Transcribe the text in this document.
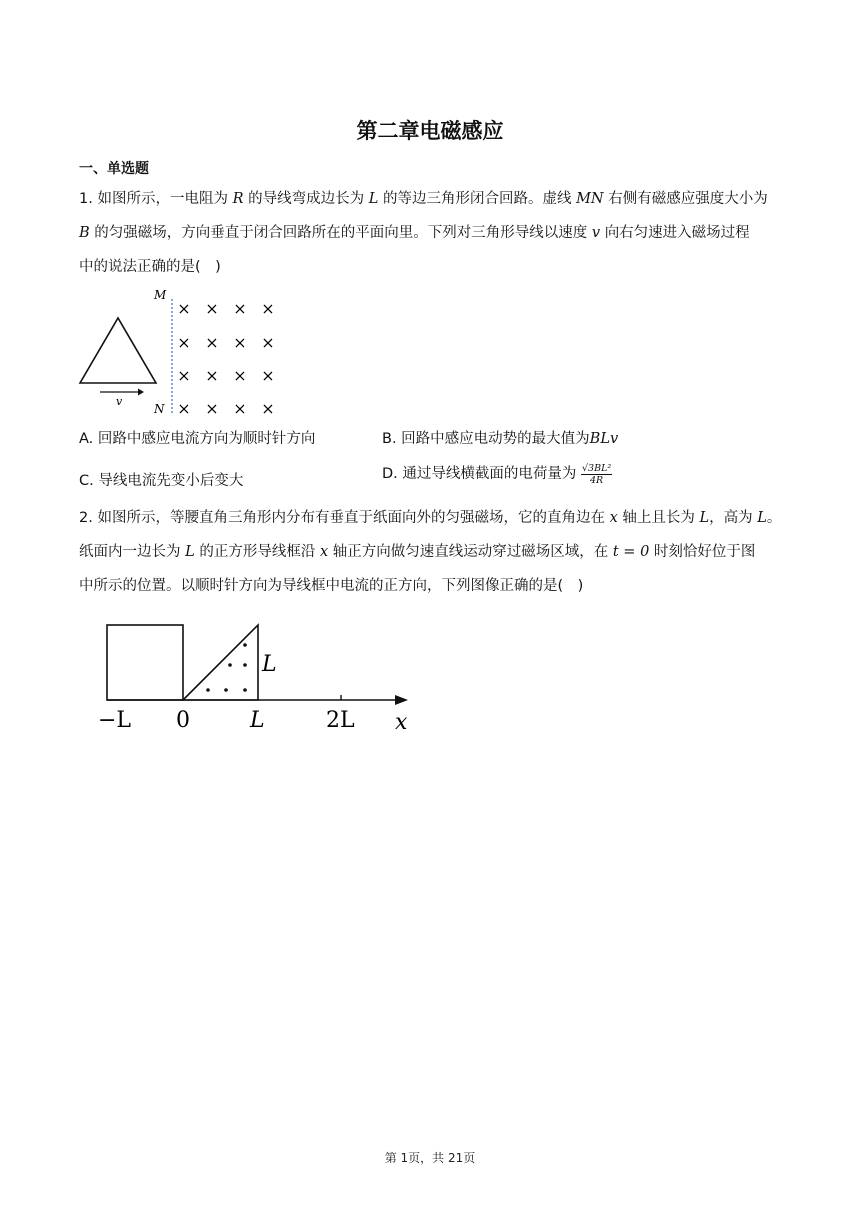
第二章电磁感应
一、单选题
1. 如图所示，一电阻为 R 的导线弯成边长为 L 的等边三角形闭合回路。虚线 MN 右侧有磁感应强度大小为
B 的匀强磁场，方向垂直于闭合回路所在的平面向里。下列对三角形导线以速度 v 向右匀速进入磁场过程
中的说法正确的是(　)
v
M
N
× × × ×
× × × ×
× × × ×
× × × ×
A. 回路中感应电流方向为顺时针方向	B. 回路中感应电动势的最大值为BLv
C. 导线电流先变小后变大	D. 通过导线横截面的电荷量为 $\frac{\text{√3BL²}}{4R}$
2. 如图所示，等腰直角三角形内分布有垂直于纸面向外的匀强磁场，它的直角边在 x 轴上且长为 L，高为 L。
纸面内一边长为 L 的正方形导线框沿 x 轴正方向做匀速直线运动穿过磁场区域，在 t = 0 时刻恰好位于图
中所示的位置。以顺时针方向为导线框中电流的正方向，下列图像正确的是(　)
L
−L 0	L	2L x
第 1页，共 21页
